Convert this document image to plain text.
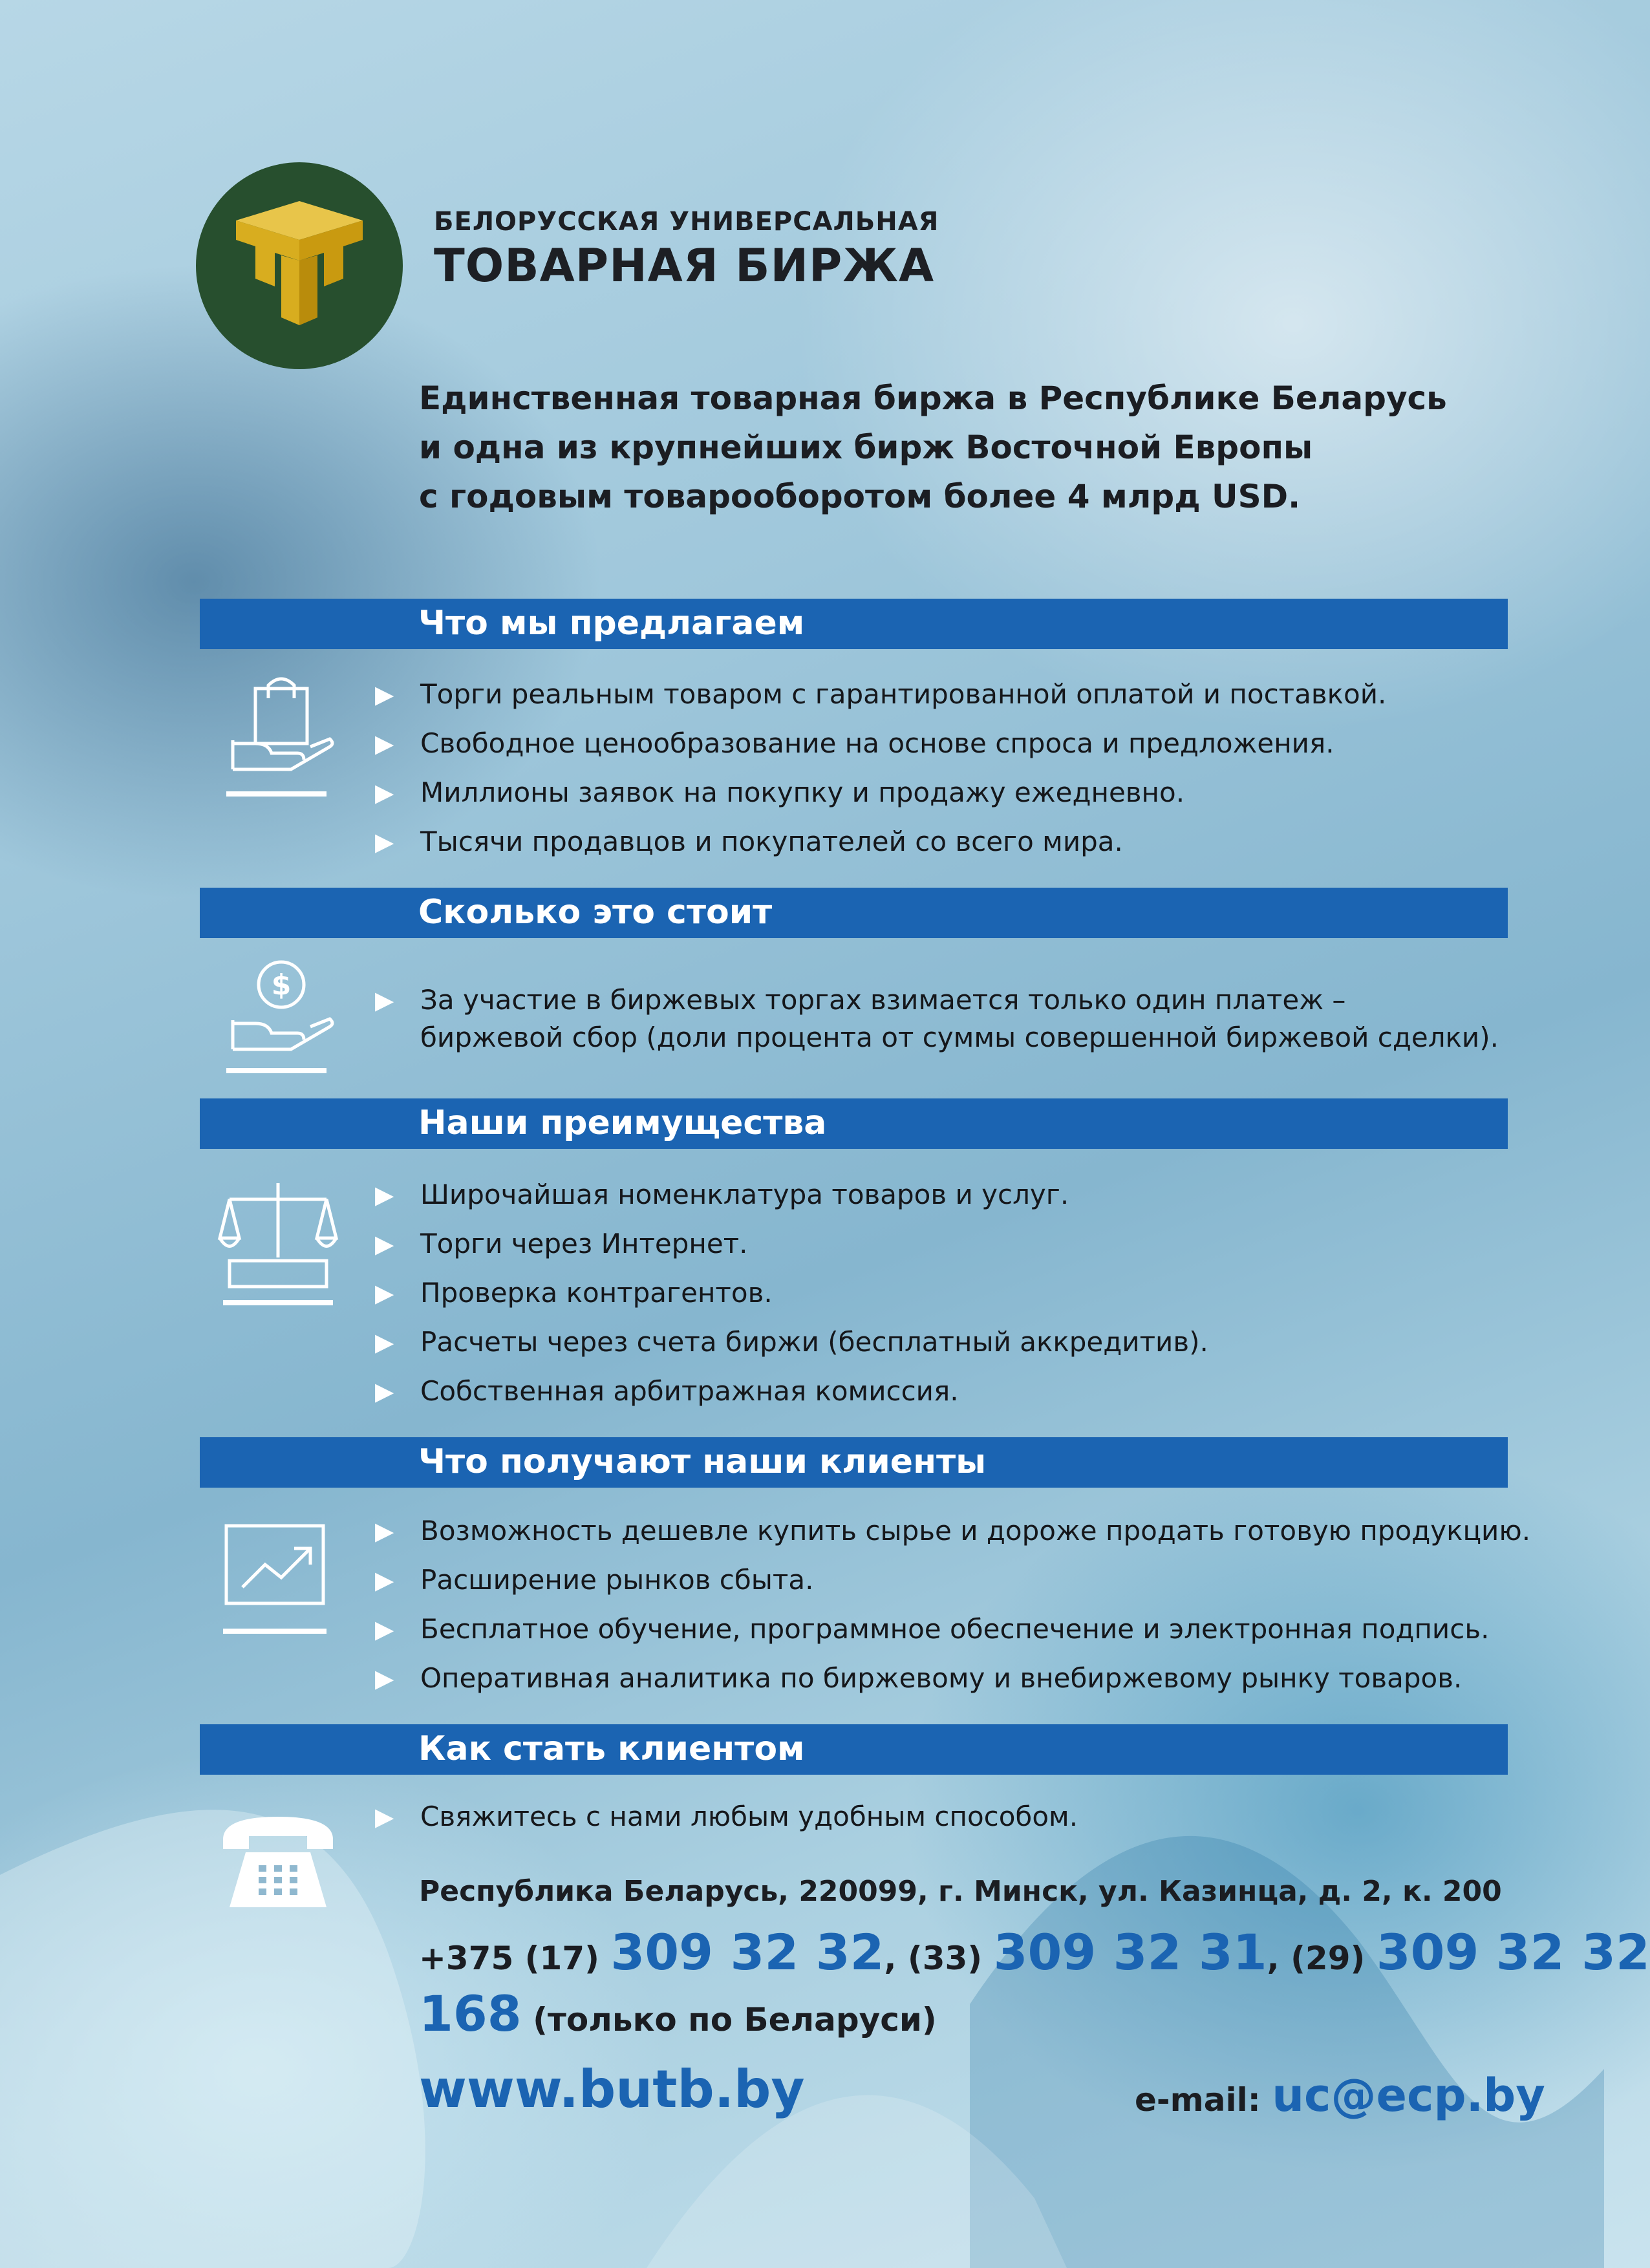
БЕЛОРУССКАЯ УНИВЕРСАЛЬНАЯ
ТОВАРНАЯ БИРЖА
Единственная товарная биржа в Республике Беларусь
и одна из крупнейших бирж Восточной Европы
с годовым товарооборотом более 4 млрд USD.
Что мы предлагаем
▶ Торги реальным товаром с гарантированной оплатой и поставкой.
▶ Свободное ценообразование на основе спроса и предложения.
▶ Миллионы заявок на покупку и продажу ежедневно.
▶ Тысячи продавцов и покупателей со всего мира.
Сколько это стоит
$	▶ За участие в биржевых торгах взимается только один платеж –
биржевой сбор (доли процента от суммы совершенной биржевой сделки).
Наши преимущества
▶ Широчайшая номенклатура товаров и услуг.
▶ Торги через Интернет.
▶ Проверка контрагентов.
▶ Расчеты через счета биржи (бесплатный аккредитив).
▶ Собственная арбитражная комиссия.
Что получают наши клиенты
▶ Возможность дешевле купить сырье и дороже продать готовую продукцию.
▶ Расширение рынков сбыта.
▶ Бесплатное обучение, программное обеспечение и электронная подпись.
▶ Оперативная аналитика по биржевому и внебиржевому рынку товаров.
Как стать клиентом
▶ Свяжитесь с нами любым удобным способом.
Республика Беларусь, 220099, г. Минск, ул. Казинца, д. 2, к. 200
+375 (17) 309 32 32, (33) 309 32 31, (29) 309 32 32
168 (только по Беларуси)
www.butb.by	e-mail: uc@ecp.by
